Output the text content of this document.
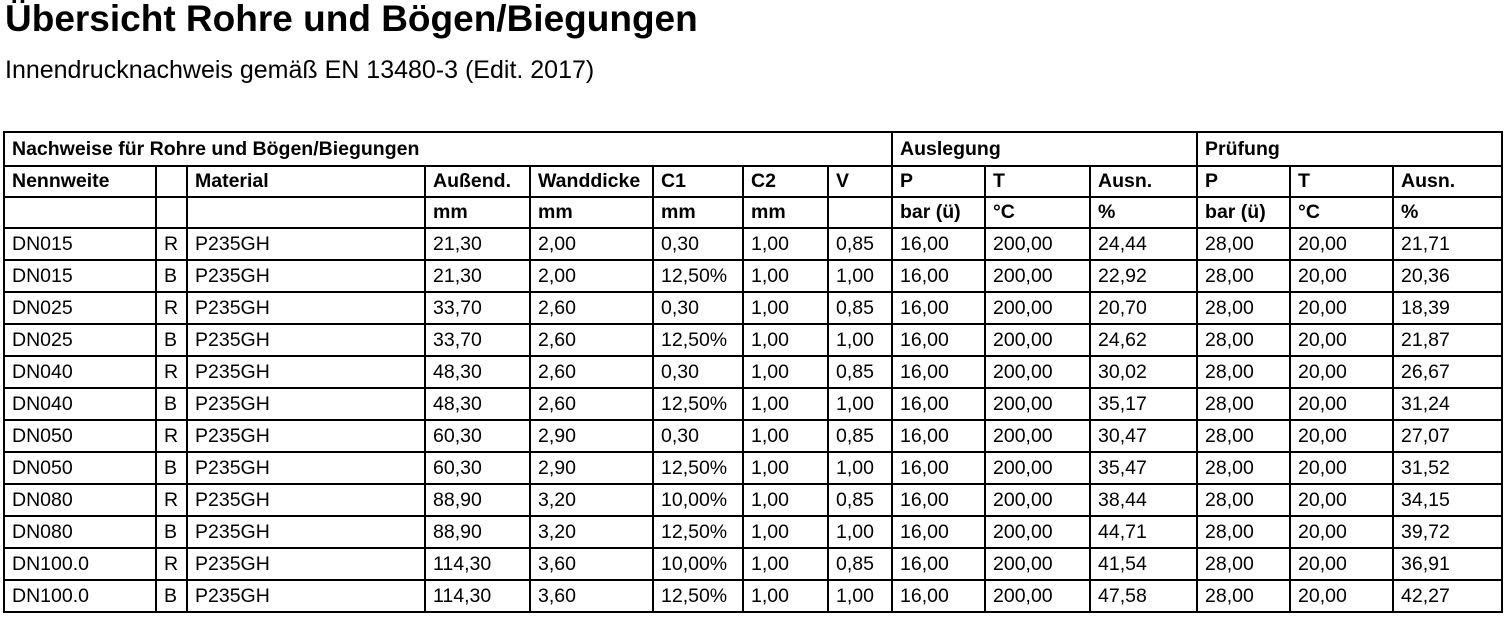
Übersicht Rohre und Bögen/Biegungen
Innendrucknachweis gemäß EN 13480-3 (Edit. 2017)
Nachweise für Rohre und Bögen/Biegungen								Auslegung			Prüfung		
Nennweite		Material	Außend.	Wanddicke	C1	C2	V	P	T	Ausn.	P	T	Ausn.
			mm	mm	mm	mm		bar (ü)	°C	%	bar (ü)	°C	%
DN015	R	P235GH	21,30	2,00	0,30	1,00	0,85	16,00	200,00	24,44	28,00	20,00	21,71
DN015	B	P235GH	21,30	2,00	12,50%	1,00	1,00	16,00	200,00	22,92	28,00	20,00	20,36
DN025	R	P235GH	33,70	2,60	0,30	1,00	0,85	16,00	200,00	20,70	28,00	20,00	18,39
DN025	B	P235GH	33,70	2,60	12,50%	1,00	1,00	16,00	200,00	24,62	28,00	20,00	21,87
DN040	R	P235GH	48,30	2,60	0,30	1,00	0,85	16,00	200,00	30,02	28,00	20,00	26,67
DN040	B	P235GH	48,30	2,60	12,50%	1,00	1,00	16,00	200,00	35,17	28,00	20,00	31,24
DN050	R	P235GH	60,30	2,90	0,30	1,00	0,85	16,00	200,00	30,47	28,00	20,00	27,07
DN050	B	P235GH	60,30	2,90	12,50%	1,00	1,00	16,00	200,00	35,47	28,00	20,00	31,52
DN080	R	P235GH	88,90	3,20	10,00%	1,00	0,85	16,00	200,00	38,44	28,00	20,00	34,15
DN080	B	P235GH	88,90	3,20	12,50%	1,00	1,00	16,00	200,00	44,71	28,00	20,00	39,72
DN100.0	R	P235GH	114,30	3,60	10,00%	1,00	0,85	16,00	200,00	41,54	28,00	20,00	36,91
DN100.0	B	P235GH	114,30	3,60	12,50%	1,00	1,00	16,00	200,00	47,58	28,00	20,00	42,27
